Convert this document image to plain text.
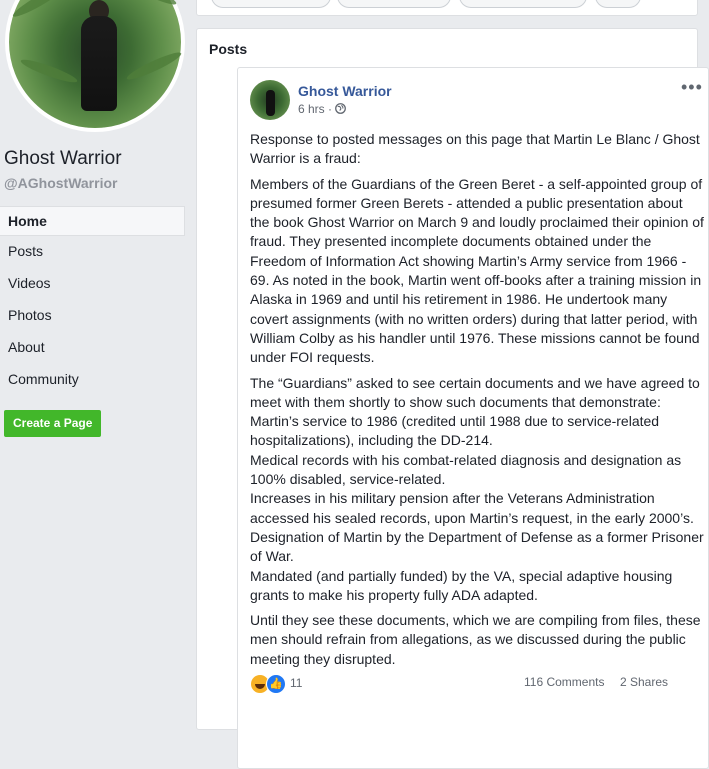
Ghost Warrior
@AGhostWarrior
Home
Posts
Videos
Photos
About
Community
Create a Page
Posts
Ghost Warrior
6 hrs ·
•••

Response to posted messages on this page that Martin Le Blanc / Ghost Warrior is a fraud:

Members of the Guardians of the Green Beret - a self-appointed group of presumed former Green Berets - attended a public presentation about the book Ghost Warrior on March 9 and loudly proclaimed their opinion of fraud. They presented incomplete documents obtained under the Freedom of Information Act showing Martin’s Army service from 1966 - 69. As noted in the book, Martin went off-books after a training mission in Alaska in 1969 and until his retirement in 1986. He undertook many covert assignments (with no written orders) during that latter period, with William Colby as his handler until 1976. These missions cannot be found under FOI requests.

The “Guardians” asked to see certain documents and we have agreed to meet with them shortly to show such documents that demonstrate:
Martin’s service to 1986 (credited until 1988 due to service-related hospitalizations), including the DD-214.
Medical records with his combat-related diagnosis and designation as 100% disabled, service-related.
Increases in his military pension after the Veterans Administration accessed his sealed records, upon Martin’s request, in the early 2000’s.
Designation of Martin by the Department of Defense as a former Prisoner of War.
Mandated (and partially funded) by the VA, special adaptive housing grants to make his property fully ADA adapted.

Until they see these documents, which we are compiling from files, these men should refrain from allegations, as we discussed during the public meeting they disrupted.

👍 11	116 Comments 2 Shares
